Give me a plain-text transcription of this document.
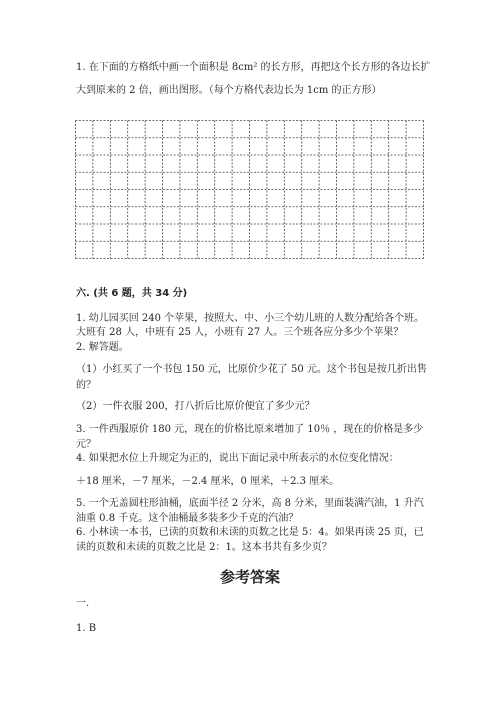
1. 在下面的方格纸中画一个面积是 8cm² 的长方形，再把这个长方形的各边长扩
大到原来的 2 倍，画出图形。（每个方格代表边长为 1cm 的正方形）
六. (共 6 题，共 34 分)
1. 幼儿园买回 240 个苹果，按照大、中、小三个幼儿班的人数分配给各个班。
大班有 28 人，中班有 25 人，小班有 27 人。三个班各应分多少个苹果？
2. 解答题。
（1）小红买了一个书包 150 元，比原价少花了 50 元。这个书包是按几折出售
的？
（2）一件衣服 200，打八折后比原价便宜了多少元？
3. 一件西服原价 180 元，现在的价格比原来增加了 10％ ，现在的价格是多少
元？
4. 如果把水位上升规定为正的，说出下面记录中所表示的水位变化情况：
＋18 厘米，－7 厘米，－2.4 厘米，0 厘米，＋2.3 厘米。
5. 一个无盖圆柱形油桶，底面半径 2 分米，高 8 分米，里面装满汽油，1 升汽
油重 0.8 千克。这个油桶最多装多少千克的汽油？
6. 小林读一本书，已读的页数和未读的页数之比是 5：4。如果再读 25 页，已
读的页数和未读的页数之比是 2：1。这本书共有多少页？
参考答案
一.
1. B
